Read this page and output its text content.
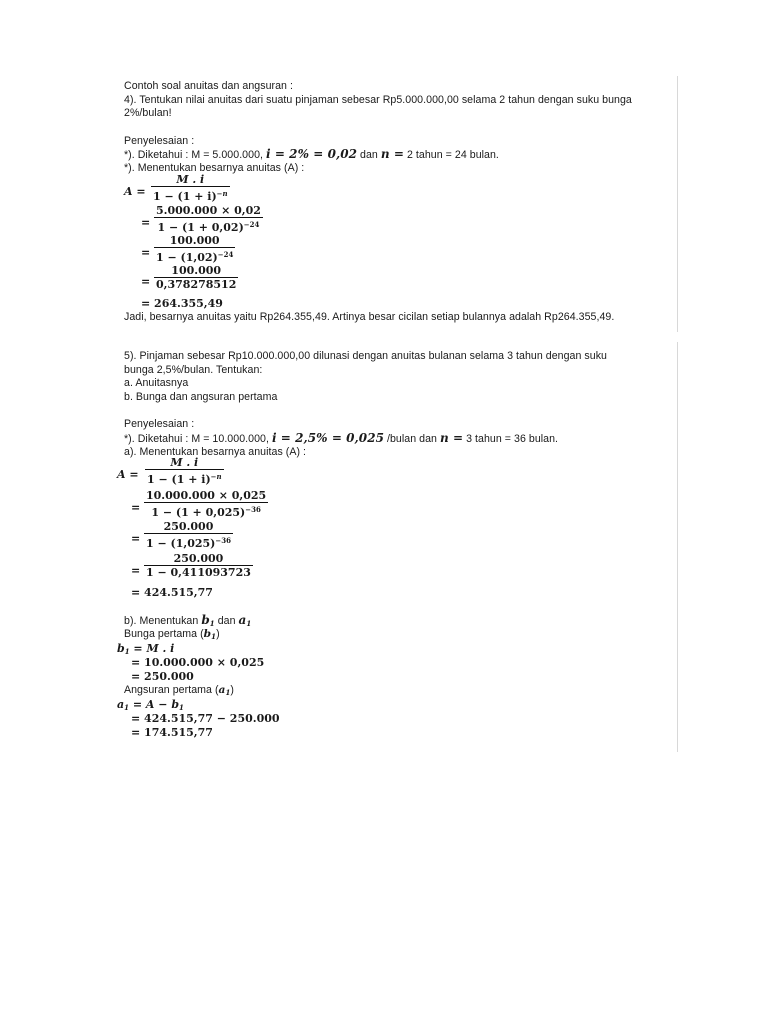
Contoh soal anuitas dan angsuran :
4). Tentukan nilai anuitas dari suatu pinjaman sebesar Rp5.000.000,00 selama 2 tahun dengan suku bunga
2%/bulan!
Penyelesaian :
*). Diketahui : M = 5.000.000, i = 2% = 0,02 dan n = 2 tahun = 24 bulan.
*). Menentukan besarnya anuitas (A) :
$A = \frac{M . i}{1 - (1 + i)^{-n}}$
= $\frac{5.000.000 \times 0,02}{1 - (1 + 0,02)^{-24}}$
= $\frac{100.000}{1 - (1,02)^{-24}}$
= $\frac{100.000}{0,378278512}$
= 264.355,49
Jadi, besarnya anuitas yaitu Rp264.355,49. Artinya besar cicilan setiap bulannya adalah Rp264.355,49.
5). Pinjaman sebesar Rp10.000.000,00 dilunasi dengan anuitas bulanan selama 3 tahun dengan suku
bunga 2,5%/bulan. Tentukan:
a. Anuitasnya
b. Bunga dan angsuran pertama
Penyelesaian :
*). Diketahui : M = 10.000.000, i = 2,5% = 0,025 /bulan dan n = 3 tahun = 36 bulan.
a). Menentukan besarnya anuitas (A) :
$A = \frac{M . i}{1 - (1 + i)^{-n}}$
= $\frac{10.000.000 \times 0,025}{1 - (1 + 0,025)^{-36}}$
= $\frac{250.000}{1 - (1,025)^{-36}}$
= $\frac{250.000}{1 - 0,411093723}$
= 424.515,77
b). Menentukan $b_1$ dan $a_1$
Bunga pertama $(b_1)$
$b_1 = M$ . i
= 10.000.000 × 0,025
= 250.000
Angsuran pertama $(a_1)$
$a_1 = A - b_1$
= 424.515,77 − 250.000
= 174.515,77
